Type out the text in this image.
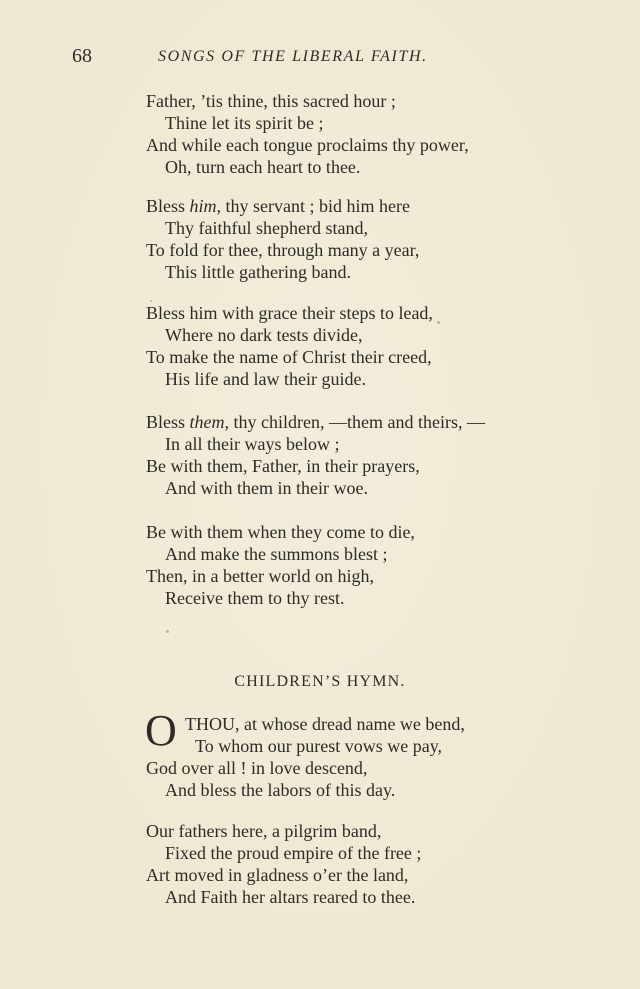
68	SONGS OF THE LIBERAL FAITH.
Father, ’tis thine, this sacred hour ;
Thine let its spirit be ;
And while each tongue proclaims thy power,
Oh, turn each heart to thee.
Bless him, thy servant ; bid him here
Thy faithful shepherd stand,
To fold for thee, through many a year,
This little gathering band.
Bless him with grace their steps to lead,
Where no dark tests divide,
To make the name of Christ their creed,
His life and law their guide.
Bless them, thy children, —them and theirs, —
In all their ways below ;
Be with them, Father, in their prayers,
And with them in their woe.
Be with them when they come to die,
And make the summons blest ;
Then, in a better world on high,
Receive them to thy rest.
CHILDREN’S HYMN.
O THOU, at whose dread name we bend,
To whom our purest vows we pay,
God over all ! in love descend,
And bless the labors of this day.
Our fathers here, a pilgrim band,
Fixed the proud empire of the free ;
Art moved in gladness o’er the land,
And Faith her altars reared to thee.
